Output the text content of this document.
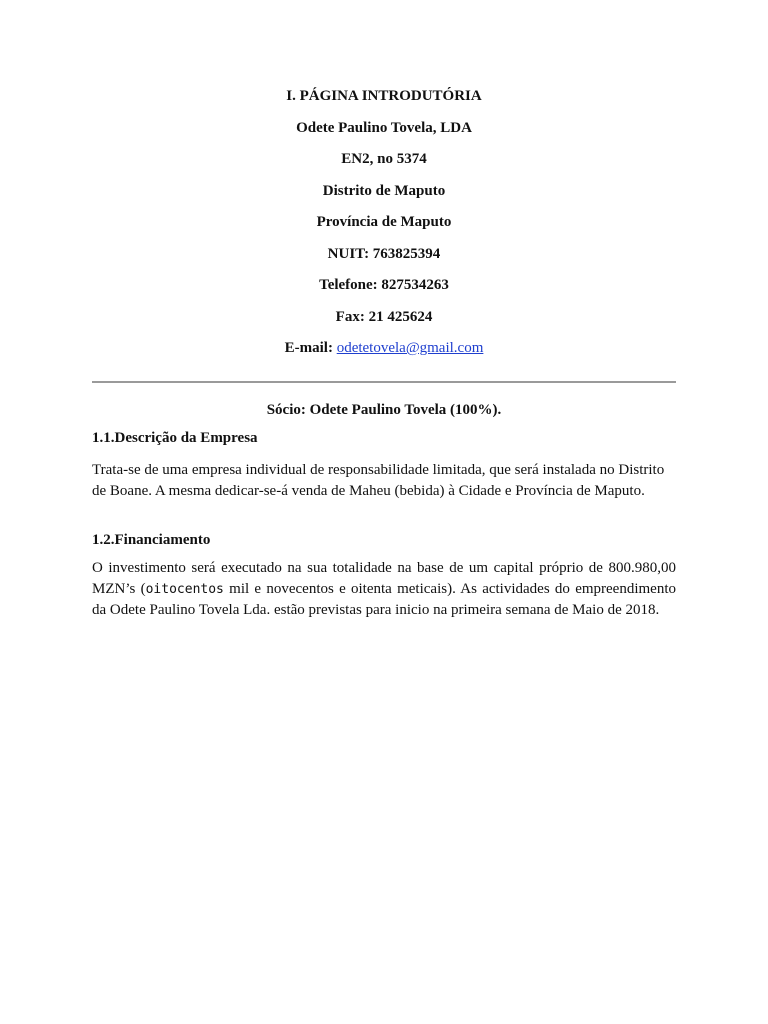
I. PÁGINA INTRODUTÓRIA
Odete Paulino Tovela, LDA
EN2, no 5374
Distrito de Maputo
Província de Maputo
NUIT: 763825394
Telefone: 827534263
Fax: 21 425624
E-mail: odetetovela@gmail.com
Sócio: Odete Paulino Tovela (100%).
1.1.Descrição da Empresa

Trata-se de uma empresa individual de responsabilidade limitada, que será instalada no Distrito de Boane. A mesma dedicar-se-á venda de Maheu (bebida) à Cidade e Província de Maputo.

1.2.Financiamento

O investimento será executado na sua totalidade na base de um capital próprio de 800.980,00 MZN’s (oitocentos mil e novecentos e oitenta meticais). As actividades do empreendimento da Odete Paulino Tovela Lda. estão previstas para inicio na primeira semana de Maio de 2018.
